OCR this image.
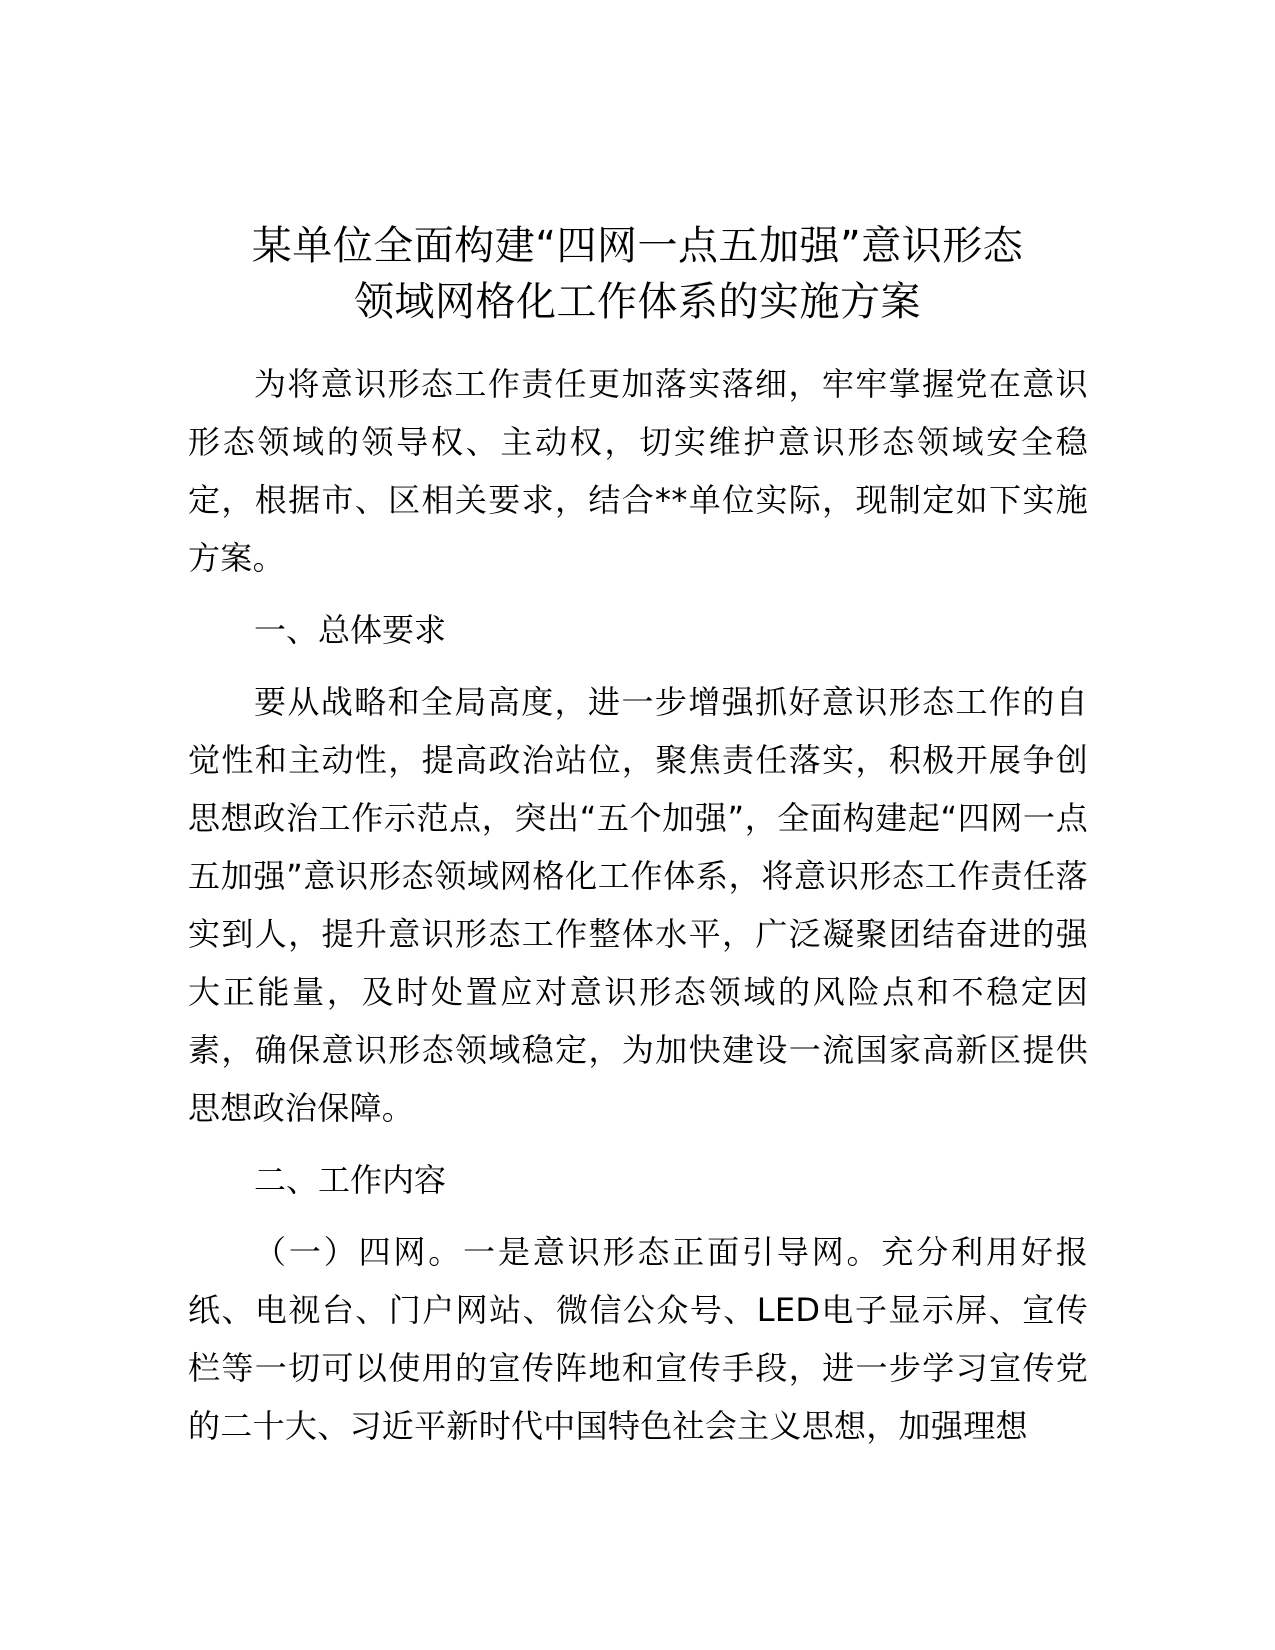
某单位全面构建“四网一点五加强”意识形态
领域网格化工作体系的实施方案

为将意识形态工作责任更加落实落细，牢牢掌握党在意识形态领域的领导权、主动权，切实维护意识形态领域安全稳定，根据市、区相关要求，结合**单位实际，现制定如下实施方案。

一、总体要求

要从战略和全局高度，进一步增强抓好意识形态工作的自觉性和主动性，提高政治站位，聚焦责任落实，积极开展争创思想政治工作示范点，突出“五个加强”，全面构建起“四网一点五加强”意识形态领域网格化工作体系，将意识形态工作责任落实到人，提升意识形态工作整体水平，广泛凝聚团结奋进的强大正能量，及时处置应对意识形态领域的风险点和不稳定因素，确保意识形态领域稳定，为加快建设一流国家高新区提供思想政治保障。

二、工作内容

（一）四网。一是意识形态正面引导网。充分利用好报纸、电视台、门户网站、微信公众号、LED电子显示屏、宣传栏等一切可以使用的宣传阵地和宣传手段，进一步学习宣传党的二十大、习近平新时代中国特色社会主义思想，加强理想
